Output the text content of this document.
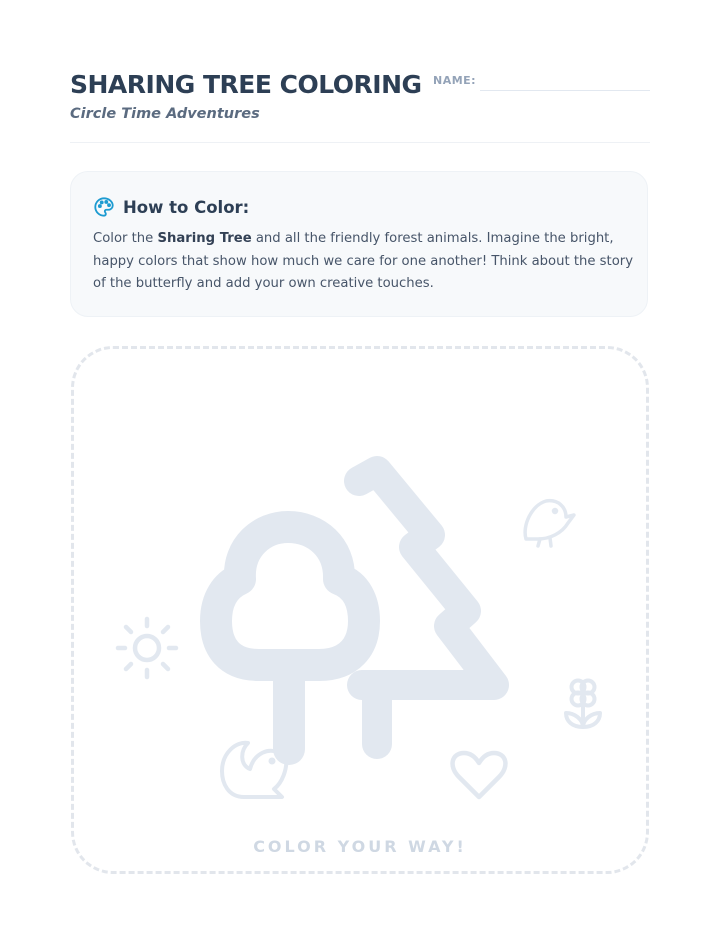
SHARING TREE COLORING
Circle Time Adventures
NAME:
How to Color:
Color the Sharing Tree and all the friendly forest animals. Imagine the bright, happy colors that show how much we care for one another! Think about the story of the butterfly and add your own creative touches.
COLOR YOUR WAY!
